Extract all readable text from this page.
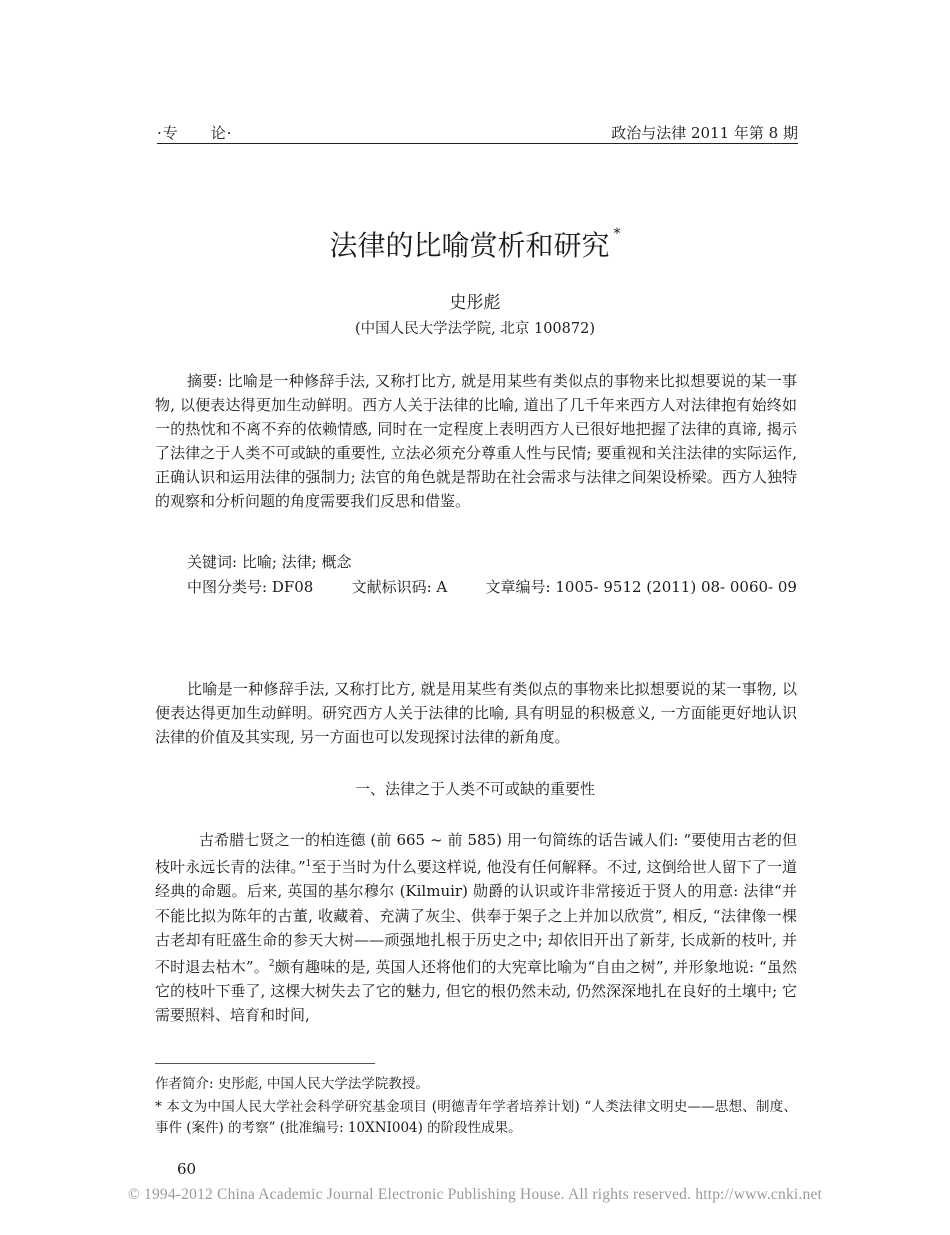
·专　　论·	政治与法律 2011 年第 8 期
法律的比喻赏析和研究 *
史彤彪
(中国人民大学法学院, 北京 100872)

摘要: 比喻是一种修辞手法, 又称打比方, 就是用某些有类似点的事物来比拟想要说的某一事物, 以便表达得更加生动鲜明。西方人关于法律的比喻, 道出了几千年来西方人对法律抱有始终如一的热忱和不离不弃的依赖情感, 同时在一定程度上表明西方人已很好地把握了法律的真谛, 揭示了法律之于人类不可或缺的重要性, 立法必须充分尊重人性与民情; 要重视和关注法律的实际运作, 正确认识和运用法律的强制力; 法官的角色就是帮助在社会需求与法律之间架设桥梁。西方人独特的观察和分析问题的角度需要我们反思和借鉴。

关键词: 比喻; 法律; 概念
中图分类号: DF08	文献标识码: A	文章编号: 1005- 9512 (2011) 08- 0060- 09

比喻是一种修辞手法, 又称打比方, 就是用某些有类似点的事物来比拟想要说的某一事物, 以便表达得更加生动鲜明。研究西方人关于法律的比喻, 具有明显的积极意义, 一方面能更好地认识法律的价值及其实现, 另一方面也可以发现探讨法律的新角度。

一、法律之于人类不可或缺的重要性

古希腊七贤之一的柏连德 (前 665 ~ 前 585) 用一句简练的话告诫人们: “要使用古老的但枝叶永远长青的法律。”$^1$至于当时为什么要这样说, 他没有任何解释。不过, 这倒给世人留下了一道经典的命题。后来, 英国的基尔穆尔 (Kilmuir) 勋爵的认识或许非常接近于贤人的用意: 法律“并不能比拟为陈年的古董, 收藏着、充满了灰尘、供奉于架子之上并加以欣赏”, 相反, “法律像一棵古老却有旺盛生命的参天大树——顽强地扎根于历史之中; 却依旧开出了新芽, 长成新的枝叶, 并不时退去枯木”。$^2$颇有趣味的是, 英国人还将他们的大宪章比喻为“自由之树”, 并形象地说: “虽然它的枝叶下垂了, 这棵大树失去了它的魅力, 但它的根仍然未动, 仍然深深地扎在良好的土壤中; 它需要照料、培育和时间,

作者简介: 史彤彪, 中国人民大学法学院教授。

* 本文为中国人民大学社会科学研究基金项目 (明德青年学者培养计划) “人类法律文明史——思想、制度、事件 (案件) 的考察” (批准编号: 10XNI004) 的阶段性成果。

60
© 1994-2012 China Academic Journal Electronic Publishing House. All rights reserved. http://www.cnki.net
